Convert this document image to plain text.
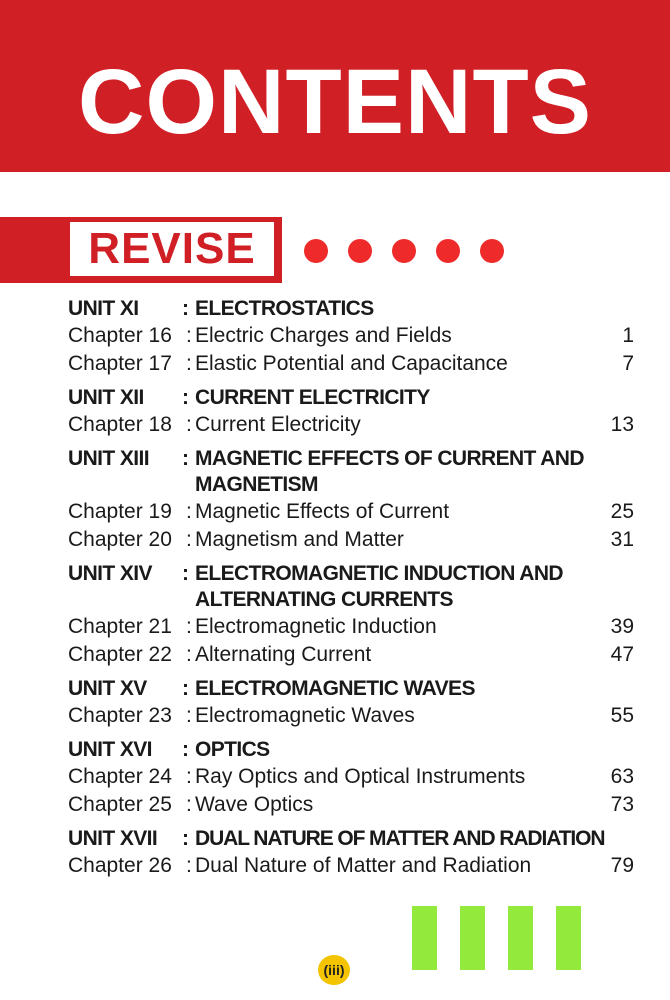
CONTENTS
REVISE
UNIT XI : ELECTROSTATICS
Chapter 16 : Electric Charges and Fields	1
Chapter 17 : Elastic Potential and Capacitance	7
UNIT XII : CURRENT ELECTRICITY
Chapter 18 : Current Electricity	13
UNIT XIII : MAGNETIC EFFECTS OF CURRENT AND MAGNETISM
Chapter 19 : Magnetic Effects of Current	25
Chapter 20 : Magnetism and Matter	31
UNIT XIV : ELECTROMAGNETIC INDUCTION AND ALTERNATING CURRENTS
Chapter 21 : Electromagnetic Induction	39
Chapter 22 : Alternating Current	47
UNIT XV : ELECTROMAGNETIC WAVES
Chapter 23 : Electromagnetic Waves	55
UNIT XVI : OPTICS
Chapter 24 : Ray Optics and Optical Instruments	63
Chapter 25 : Wave Optics	73
UNIT XVII : DUAL NATURE OF MATTER AND RADIATION
Chapter 26 : Dual Nature of Matter and Radiation	79
(iii)
